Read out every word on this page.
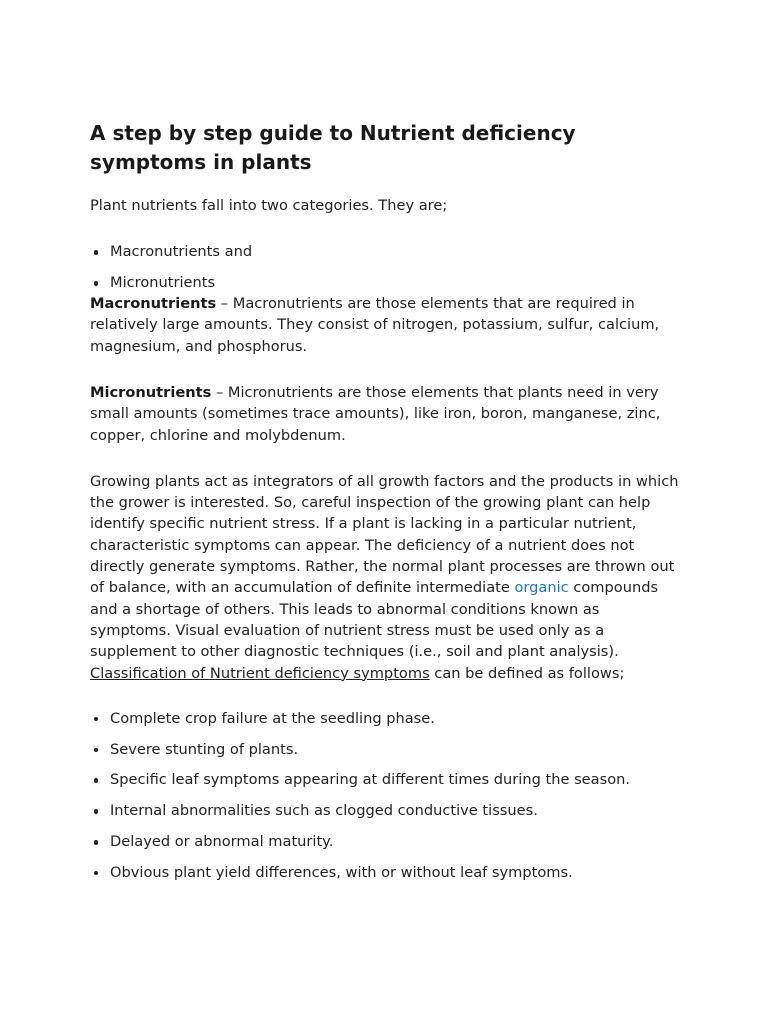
A step by step guide to Nutrient deficiency symptoms in plants

Plant nutrients fall into two categories. They are;

Macronutrients and
Micronutrients

Macronutrients – Macronutrients are those elements that are required in relatively large amounts. They consist of nitrogen, potassium, sulfur, calcium, magnesium, and phosphorus.

Micronutrients – Micronutrients are those elements that plants need in very small amounts (sometimes trace amounts), like iron, boron, manganese, zinc, copper, chlorine and molybdenum.

Growing plants act as integrators of all growth factors and the products in which the grower is interested. So, careful inspection of the growing plant can help identify specific nutrient stress. If a plant is lacking in a particular nutrient, characteristic symptoms can appear. The deficiency of a nutrient does not directly generate symptoms. Rather, the normal plant processes are thrown out of balance, with an accumulation of definite intermediate organic compounds and a shortage of others. This leads to abnormal conditions known as symptoms. Visual evaluation of nutrient stress must be used only as a supplement to other diagnostic techniques (i.e., soil and plant analysis). Classification of Nutrient deficiency symptoms can be defined as follows;

Complete crop failure at the seedling phase.
Severe stunting of plants.
Specific leaf symptoms appearing at different times during the season.
Internal abnormalities such as clogged conductive tissues.
Delayed or abnormal maturity.
Obvious plant yield differences, with or without leaf symptoms.
